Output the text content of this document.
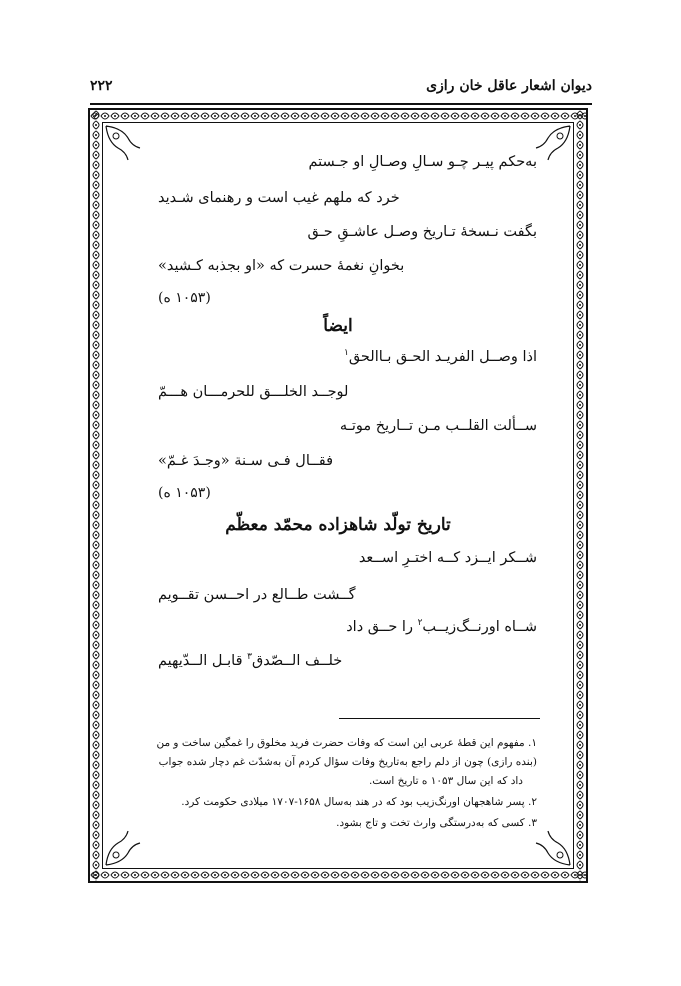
دیوان اشعار عاقل خان رازی
۲۲۲
به‌حکم پیـر چـو سـالِ وصـالِ او جـستم
خرد که ملهم غیب است و رهنمای شـدید
بگفت نـسخۀ تـاریخ وصـل عاشـقِ حـق
بخوانِ نغمۀ حسرت که «او بجذبه کـشید»
(۱۰۵۳ ه)
ایضاً
اذا وصــل الفریـد الحـق بـاالحق$^۱$
لوجــد الخلـــق للحرمـــان هـــمّ
ســألت القلــب مـن تــاریخ موتـه
فقــال فـی سـنة «وجـدَ غـمّ»
(۱۰۵۳ ه)
تاریخ تولّد شاهزاده محمّد معظّم
شــکر ایــزد کــه اختـرِ اســعد
گــشت طــالع در احــسن تقــویم
شــاه اورنــگ‌زیــب$^۲$ را حــق داد
خلــف الــصّدق$^۳$ قابـل الــدّیهیم
۱. مفهوم این قطۀ عربی این است که وفات حضرت فرید مخلوق را غمگین ساخت و من
(بنده رازی) چون از دلم راجع به‌تاریخ وفات سؤال کردم آن به‌شدّت غم دچار شده جواب
داد که این سال ۱۰۵۳ ه تاریخ است.
۲. پسر شاهجهان اورنگ‌زیب بود که در هند به‌سال ۱۶۵۸-۱۷۰۷ میلادی حکومت کرد.
۳. کسی که به‌درستگی وارث تخت و تاج بشود.
